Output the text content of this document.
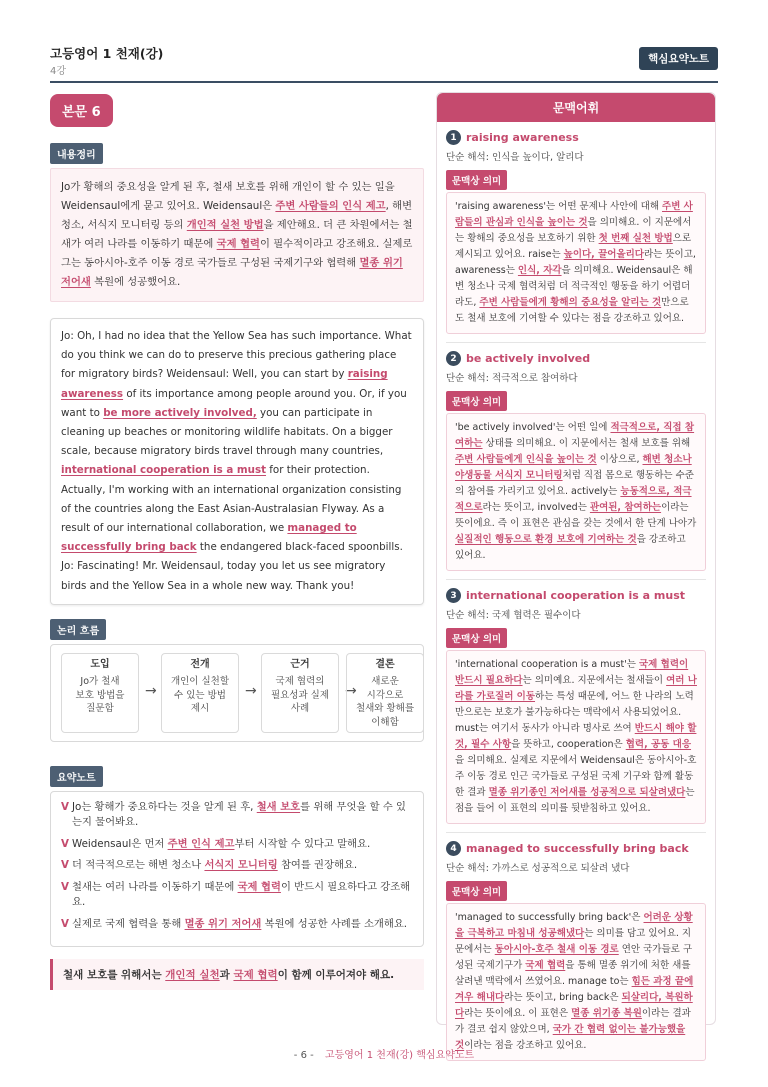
고등영어 1 천재(강)
4강
핵심요약노트
본문 6
내용정리
Jo가 황해의 중요성을 알게 된 후, 철새 보호를 위해 개인이 할 수 있는 일을 Weidensaul에게 묻고 있어요. Weidensaul은 주변 사람들의 인식 제고, 해변 청소, 서식지 모니터링 등의 개인적 실천 방법을 제안해요. 더 큰 차원에서는 철새가 여러 나라를 이동하기 때문에 국제 협력이 필수적이라고 강조해요. 실제로 그는 동아시아-호주 이동 경로 국가들로 구성된 국제기구와 협력해 멸종 위기 저어새 복원에 성공했어요.
Jo: Oh, I had no idea that the Yellow Sea has such importance. What do you think we can do to preserve this precious gathering place for migratory birds? Weidensaul: Well, you can start by raising awareness of its importance among people around you. Or, if you want to be more actively involved, you can participate in cleaning up beaches or monitoring wildlife habitats. On a bigger scale, because migratory birds travel through many countries, international cooperation is a must for their protection. Actually, I'm working with an international organization consisting of the countries along the East Asian-Australasian Flyway. As a result of our international collaboration, we managed to successfully bring back the endangered black-faced spoonbills. Jo: Fascinating! Mr. Weidensaul, today you let us see migratory birds and the Yellow Sea in a whole new way. Thank you!
논리 흐름
도입
Jo가 철새
보호 방법을
질문함
→
전개
개인이 실천할
수 있는 방법
제시
→
근거
국제 협력의
필요성과 실제
사례
→
결론
새로운
시각으로
철새와 황해를
이해함
요약노트
V Jo는 황해가 중요하다는 것을 알게 된 후, 철새 보호를 위해 무엇을 할 수 있는지 물어봐요.
V Weidensaul은 먼저 주변 인식 제고부터 시작할 수 있다고 말해요.
V 더 적극적으로는 해변 청소나 서식지 모니터링 참여를 권장해요.
V 철새는 여러 나라를 이동하기 때문에 국제 협력이 반드시 필요하다고 강조해요.
V 실제로 국제 협력을 통해 멸종 위기 저어새 복원에 성공한 사례를 소개해요.
철새 보호를 위해서는 개인적 실천과 국제 협력이 함께 이루어져야 해요.
문맥어휘
1 raising awareness
단순 해석: 인식을 높이다, 알리다
문맥상 의미
'raising awareness'는 어떤 문제나 사안에 대해 주변 사람들의 관심과 인식을 높이는 것을 의미해요. 이 지문에서는 황해의 중요성을 보호하기 위한 첫 번째 실천 방법으로 제시되고 있어요. raise는 높이다, 끌어올리다라는 뜻이고, awareness는 인식, 자각을 의미해요. Weidensaul은 해변 청소나 국제 협력처럼 더 적극적인 행동을 하기 어렵더라도, 주변 사람들에게 황해의 중요성을 알리는 것만으로도 철새 보호에 기여할 수 있다는 점을 강조하고 있어요.
2 be actively involved
단순 해석: 적극적으로 참여하다
문맥상 의미
'be actively involved'는 어떤 일에 적극적으로, 직접 참여하는 상태를 의미해요. 이 지문에서는 철새 보호를 위해 주변 사람들에게 인식을 높이는 것 이상으로, 해변 청소나 야생동물 서식지 모니터링처럼 직접 몸으로 행동하는 수준의 참여를 가리키고 있어요. actively는 능동적으로, 적극적으로라는 뜻이고, involved는 관여된, 참여하는이라는 뜻이에요. 즉 이 표현은 관심을 갖는 것에서 한 단계 나아가 실질적인 행동으로 환경 보호에 기여하는 것을 강조하고 있어요.
3 international cooperation is a must
단순 해석: 국제 협력은 필수이다
문맥상 의미
'international cooperation is a must'는 국제 협력이 반드시 필요하다는 의미예요. 지문에서는 철새들이 여러 나라를 가로질러 이동하는 특성 때문에, 어느 한 나라의 노력만으로는 보호가 불가능하다는 맥락에서 사용되었어요. must는 여기서 동사가 아니라 명사로 쓰여 반드시 해야 할 것, 필수 사항을 뜻하고, cooperation은 협력, 공동 대응을 의미해요. 실제로 지문에서 Weidensaul은 동아시아-호주 이동 경로 인근 국가들로 구성된 국제 기구와 함께 활동한 결과 멸종 위기종인 저어새를 성공적으로 되살려냈다는 점을 들어 이 표현의 의미를 뒷받침하고 있어요.
4 managed to successfully bring back
단순 해석: 가까스로 성공적으로 되살려 냈다
문맥상 의미
'managed to successfully bring back'은 어려운 상황을 극복하고 마침내 성공해냈다는 의미를 담고 있어요. 지문에서는 동아시아-호주 철새 이동 경로 연안 국가들로 구성된 국제기구가 국제 협력을 통해 멸종 위기에 처한 새를 살려낸 맥락에서 쓰였어요. manage to는 힘든 과정 끝에 겨우 해내다라는 뜻이고, bring back은 되살리다, 복원하다라는 뜻이에요. 이 표현은 멸종 위기종 복원이라는 결과가 결코 쉽지 않았으며, 국가 간 협력 없이는 불가능했을 것이라는 점을 강조하고 있어요.
- 6 - 고등영어 1 천재(강) 핵심요약노트
